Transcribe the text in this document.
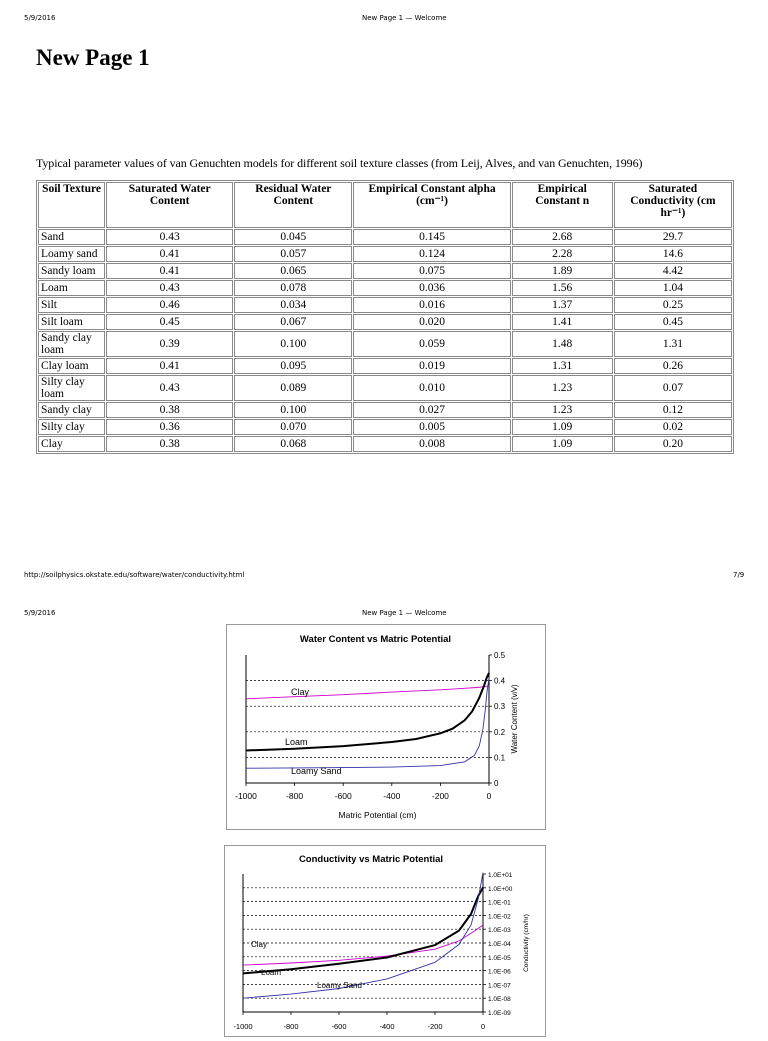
5/9/2016	New Page 1 — Welcome
New Page 1
Typical parameter values of van Genuchten models for different soil texture classes (from Leij, Alves, and van Genuchten, 1996)
Soil Texture	Saturated Water Content	Residual Water Content	Empirical Constant alpha (cm⁻¹)	Empirical Constant n	Saturated Conductivity (cm hr⁻¹)
Sand	0.43	0.045	0.145	2.68	29.7
Loamy sand	0.41	0.057	0.124	2.28	14.6
Sandy loam	0.41	0.065	0.075	1.89	4.42
Loam	0.43	0.078	0.036	1.56	1.04
Silt	0.46	0.034	0.016	1.37	0.25
Silt loam	0.45	0.067	0.020	1.41	0.45
Sandy clay loam	0.39	0.100	0.059	1.48	1.31
Clay loam	0.41	0.095	0.019	1.31	0.26
Silty clay loam	0.43	0.089	0.010	1.23	0.07
Sandy clay	0.38	0.100	0.027	1.23	0.12
Silty clay	0.36	0.070	0.005	1.09	0.02
Clay	0.38	0.068	0.008	1.09	0.20
http://soilphysics.okstate.edu/software/water/conductivity.html	7/9
5/9/2016	New Page 1 — Welcome
Water Content vs Matric Potential
0
0.1
0.2
0.3
0.4
0.5
Water Content (v/v)
-1000	-800	-600	-400	-200	0
Matric Potential (cm)
Clay
Loam
Loamy Sand
Conductivity vs Matric Potential
1.0E+01
1.0E+00
1.0E-01
1.0E-02
1.0E-03
1.0E-04
1.0E-05
1.0E-06
1.0E-07
1.0E-08
1.0E-09
Conductivity (cm/hr)
-1000	-800	-600	-400	-200	0
Clay
Loam
Loamy Sand
